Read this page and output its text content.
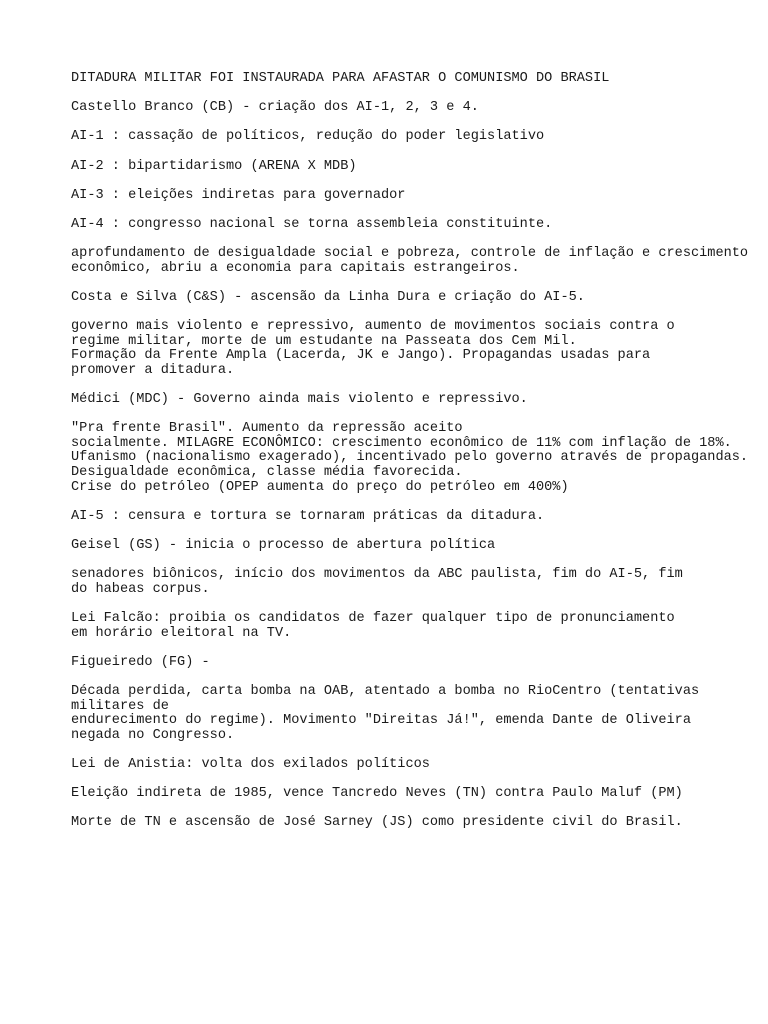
DITADURA MILITAR FOI INSTAURADA PARA AFASTAR O COMUNISMO DO BRASIL
Castello Branco (CB) - criação dos AI-1, 2, 3 e 4.
AI-1 : cassação de políticos, redução do poder legislativo
AI-2 : bipartidarismo (ARENA X MDB)
AI-3 : eleições indiretas para governador
AI-4 : congresso nacional se torna assembleia constituinte.
aprofundamento de desigualdade social e pobreza, controle de inflação e crescimento
econômico, abriu a economia para capitais estrangeiros.
Costa e Silva (C&S) - ascensão da Linha Dura e criação do AI-5.
governo mais violento e repressivo, aumento de movimentos sociais contra o
regime militar, morte de um estudante na Passeata dos Cem Mil.
Formação da Frente Ampla (Lacerda, JK e Jango). Propagandas usadas para
promover a ditadura.
Médici (MDC) - Governo ainda mais violento e repressivo.
"Pra frente Brasil". Aumento da repressão aceito
socialmente. MILAGRE ECONÔMICO: crescimento econômico de 11% com inflação de 18%.
Ufanismo (nacionalismo exagerado), incentivado pelo governo através de propagandas.
Desigualdade econômica, classe média favorecida.
Crise do petróleo (OPEP aumenta do preço do petróleo em 400%)
AI-5 : censura e tortura se tornaram práticas da ditadura.
Geisel (GS) - inicia o processo de abertura política
senadores biônicos, início dos movimentos da ABC paulista, fim do AI-5, fim
do habeas corpus.
Lei Falcão: proibia os candidatos de fazer qualquer tipo de pronunciamento
em horário eleitoral na TV.
Figueiredo (FG) -
Década perdida, carta bomba na OAB, atentado a bomba no RioCentro (tentativas
militares de
endurecimento do regime). Movimento "Direitas Já!", emenda Dante de Oliveira
negada no Congresso.
Lei de Anistia: volta dos exilados políticos
Eleição indireta de 1985, vence Tancredo Neves (TN) contra Paulo Maluf (PM)
Morte de TN e ascensão de José Sarney (JS) como presidente civil do Brasil.
